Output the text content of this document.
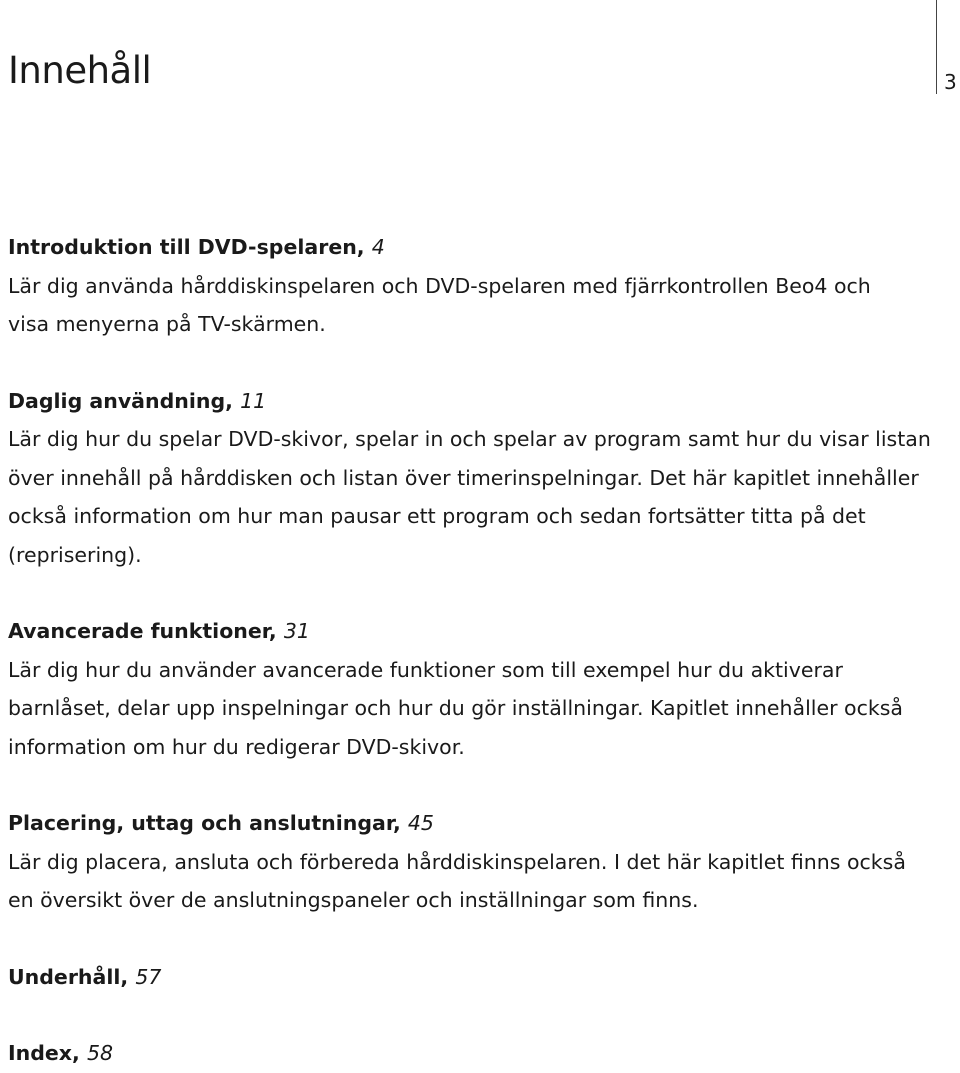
Innehåll	3

Introduktion till DVD-spelaren, 4

Lär dig använda hårddiskinspelaren och DVD-spelaren med fjärrkontrollen Beo4 och visa menyerna på TV-skärmen.

Daglig användning, 11

Lär dig hur du spelar DVD-skivor, spelar in och spelar av program samt hur du visar listan över innehåll på hårddisken och listan över timerinspelningar. Det här kapitlet innehåller också information om hur man pausar ett program och sedan fortsätter titta på det (reprisering).

Avancerade funktioner, 31

Lär dig hur du använder avancerade funktioner som till exempel hur du aktiverar barnlåset, delar upp inspelningar och hur du gör inställningar. Kapitlet innehåller också information om hur du redigerar DVD-skivor.

Placering, uttag och anslutningar, 45

Lär dig placera, ansluta och förbereda hårddiskinspelaren. I det här kapitlet finns också en översikt över de anslutningspaneler och inställningar som finns.

Underhåll, 57

Index, 58
